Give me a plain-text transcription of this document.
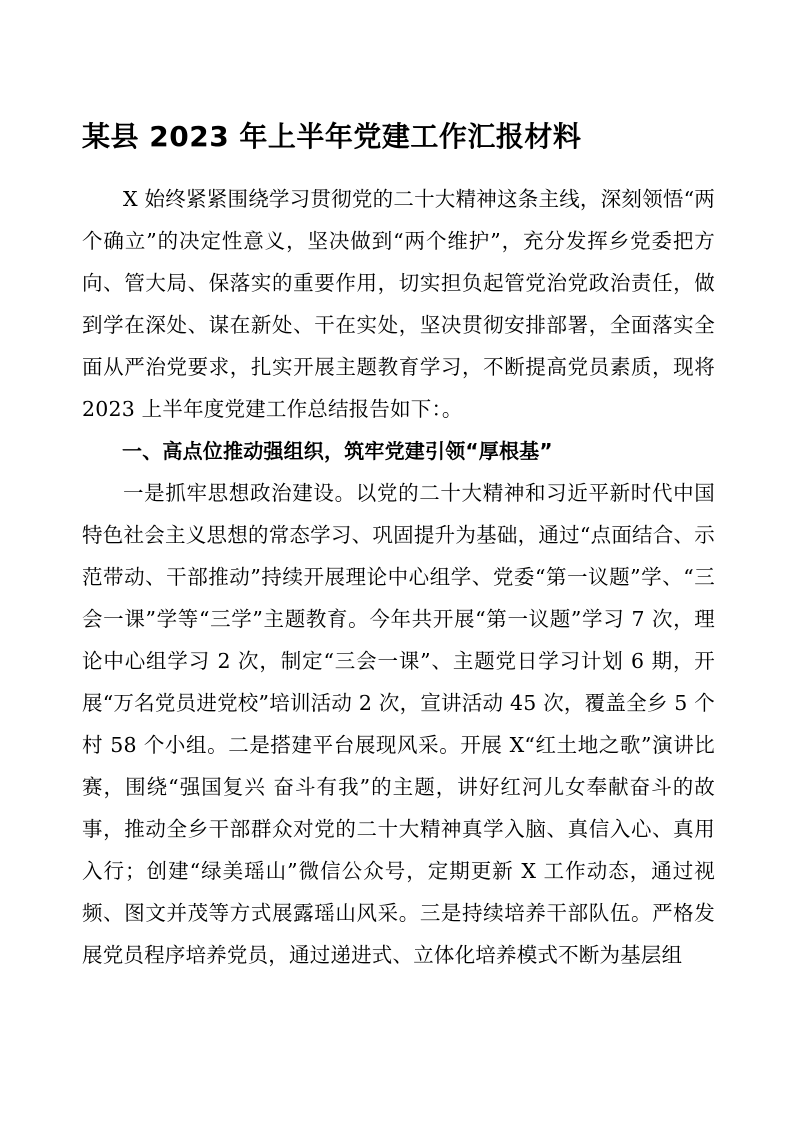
某县 2023 年上半年党建工作汇报材料

X 始终紧紧围绕学习贯彻党的二十大精神这条主线，深刻领悟“两个确立”的决定性意义，坚决做到“两个维护”，充分发挥乡党委把方向、管大局、保落实的重要作用，切实担负起管党治党政治责任，做到学在深处、谋在新处、干在实处，坚决贯彻安排部署，全面落实全面从严治党要求，扎实开展主题教育学习，不断提高党员素质，现将 2023 上半年度党建工作总结报告如下：。

一、高点位推动强组织，筑牢党建引领“厚根基”

一是抓牢思想政治建设。以党的二十大精神和习近平新时代中国特色社会主义思想的常态学习、巩固提升为基础，通过“点面结合、示范带动、干部推动”持续开展理论中心组学、党委“第一议题”学、“三会一课”学等“三学”主题教育。今年共开展“第一议题”学习 7 次，理论中心组学习 2 次，制定“三会一课”、主题党日学习计划 6 期，开展“万名党员进党校”培训活动 2 次，宣讲活动 45 次，覆盖全乡 5 个村 58 个小组。二是搭建平台展现风采。开展 X“红土地之歌”演讲比赛，围绕“强国复兴 奋斗有我”的主题，讲好红河儿女奉献奋斗的故事，推动全乡干部群众对党的二十大精神真学入脑、真信入心、真用入行；创建“绿美瑶山”微信公众号，定期更新 X 工作动态，通过视频、图文并茂等方式展露瑶山风采。三是持续培养干部队伍。严格发展党员程序培养党员，通过递进式、立体化培养模式不断为基层组
